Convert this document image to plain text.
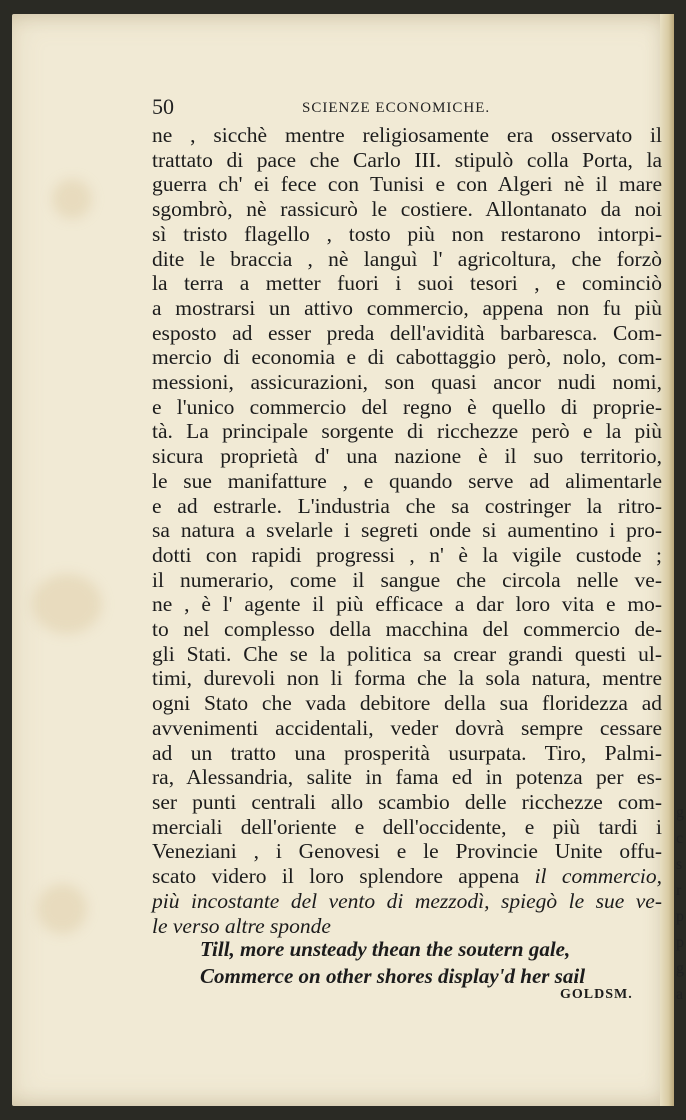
50	SCIENZE ECONOMICHE.
ne , sicchè mentre religiosamente era osservato il
trattato di pace che Carlo III. stipulò colla Porta, la
guerra ch' ei fece con Tunisi e con Algeri nè il mare
sgombrò, nè rassicurò le costiere. Allontanato da noi
sì tristo flagello , tosto più non restarono intorpi-
dite le braccia , nè languì l' agricoltura, che forzò
la terra a metter fuori i suoi tesori , e cominciò
a mostrarsi un attivo commercio, appena non fu più
esposto ad esser preda dell'avidità barbaresca. Com-
mercio di economia e di cabottaggio però, nolo, com-
messioni, assicurazioni, son quasi ancor nudi nomi,
e l'unico commercio del regno è quello di proprie-
tà. La principale sorgente di ricchezze però e la più
sicura proprietà d' una nazione è il suo territorio,
le sue manifatture , e quando serve ad alimentarle
e ad estrarle. L'industria che sa costringer la ritro-
sa natura a svelarle i segreti onde si aumentino i pro-
dotti con rapidi progressi , n' è la vigile custode ;
il numerario, come il sangue che circola nelle ve-
ne , è l' agente il più efficace a dar loro vita e mo-
to nel complesso della macchina del commercio de-
gli Stati. Che se la politica sa crear grandi questi ul-
timi, durevoli non li forma che la sola natura, mentre
ogni Stato che vada debitore della sua floridezza ad
avvenimenti accidentali, veder dovrà sempre cessare
ad un tratto una prosperità usurpata. Tiro, Palmi-
ra, Alessandria, salite in fama ed in potenza per es-
ser punti centrali allo scambio delle ricchezze com-
merciali dell'oriente e dell'occidente, e più tardi i
Veneziani , i Genovesi e le Provincie Unite offu-
scato videro il loro splendore appena il commercio,
più incostante del vento di mezzodì, spiegò le sue ve-
le verso altre sponde
Till, more unsteady thean the soutern gale,
Commerce on other shores display'd her sail
GOLDSM.
g
c
s
r
p
p
g
a
